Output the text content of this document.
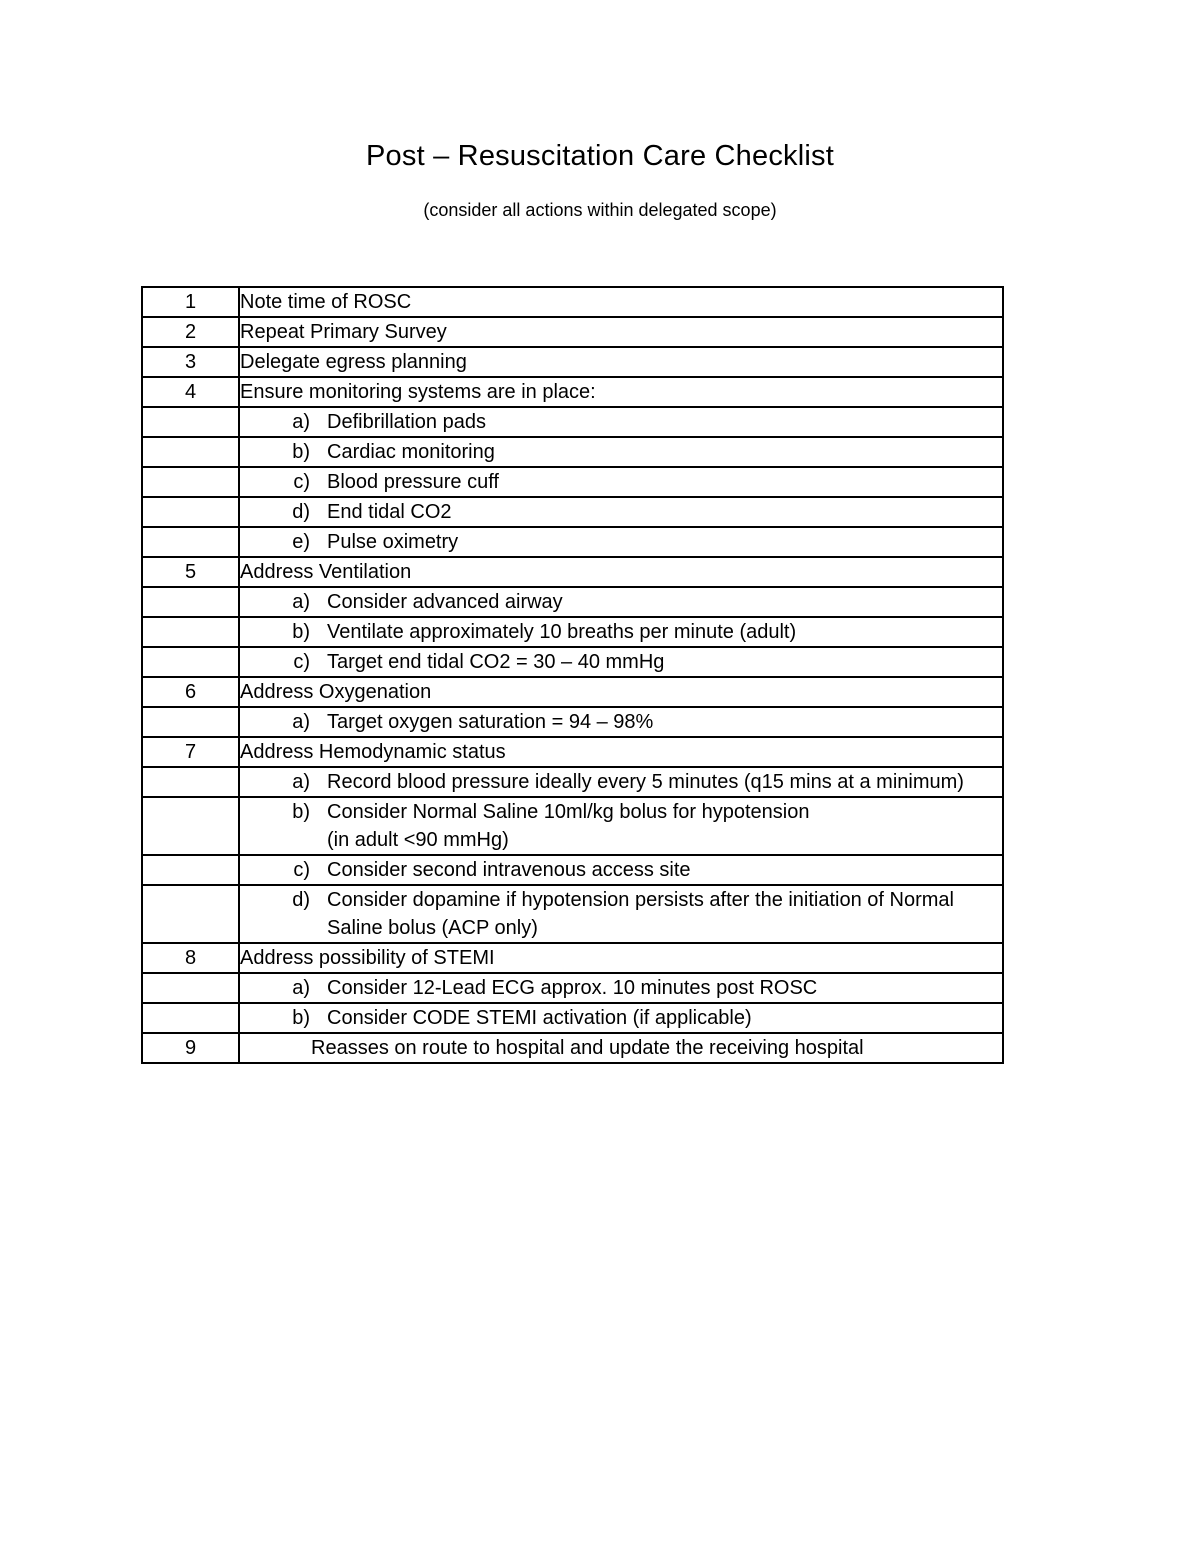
Post – Resuscitation Care Checklist
(consider all actions within delegated scope)
1	Note time of ROSC

2	Repeat Primary Survey

3	Delegate egress planning

4	Ensure monitoring systems are in place:

	a) Defibrillation pads

	b) Cardiac monitoring

	c) Blood pressure cuff

	d) End tidal CO2

	e) Pulse oximetry

5	Address Ventilation

	a) Consider advanced airway

	b) Ventilate approximately 10 breaths per minute (adult)

	c) Target end tidal CO2 = 30 – 40 mmHg

6	Address Oxygenation

	a) Target oxygen saturation = 94 – 98%

7	Address Hemodynamic status

	a) Record blood pressure ideally every 5 minutes (q15 mins at a minimum)

	b) Consider Normal Saline 10ml/kg bolus for hypotension
(in adult <90 mmHg)

	c) Consider second intravenous access site

	d) Consider dopamine if hypotension persists after the initiation of Normal Saline bolus (ACP only)

8	Address possibility of STEMI

	a) Consider 12-Lead ECG approx. 10 minutes post ROSC

	b) Consider CODE STEMI activation (if applicable)

9	Reasses on route to hospital and update the receiving hospital
